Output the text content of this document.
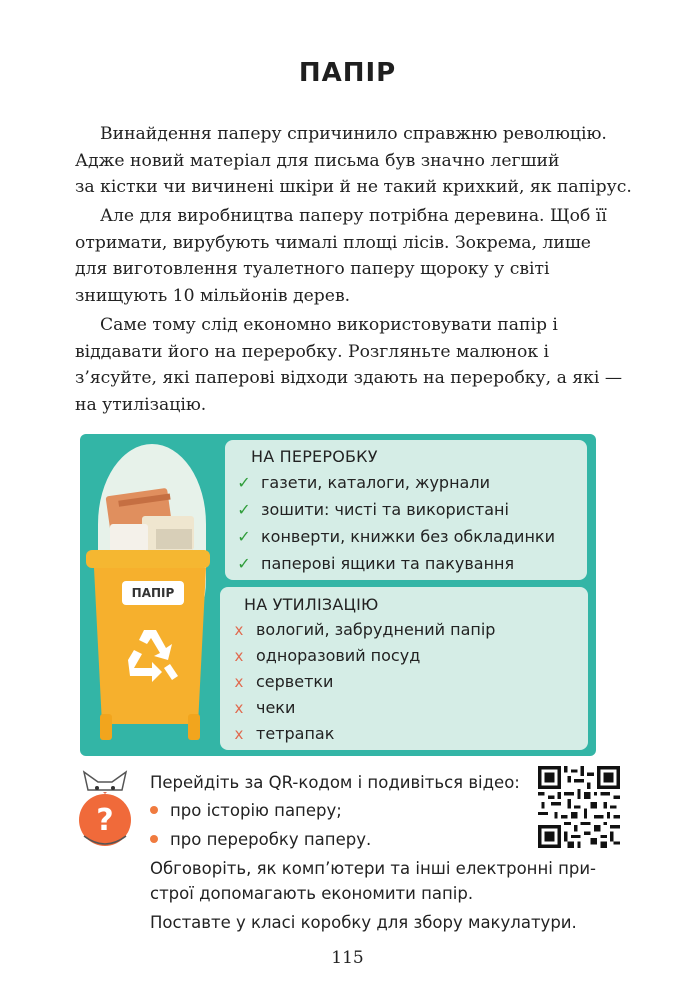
ПАПІР
Винайдення паперу спричинило справжню революцію.
Адже новий матеріал для письма був значно легший
за кістки чи вичинені шкіри й не такий крихкий, як папірус.
Але для виробництва паперу потрібна деревина. Щоб її
отримати, вирубують чималі площі лісів. Зокрема, лише
для виготовлення туалетного паперу щороку у світі
знищують 10 мільйонів дерев.
Саме тому слід економно використовувати папір і
віддавати його на переробку. Розгляньте малюнок і
з’ясуйте, які паперові відходи здають на переробку, а які —
на утилізацію.
ПАПІР
НА ПЕРЕРОБКУ
✓ газети, каталоги, журнали
✓ зошити: чисті та використані
✓ конверти, книжки без обкладинки
✓ паперові ящики та пакування
НА УТИЛІЗАЦІЮ
х вологий, забруднений папір
х одноразовий посуд
х серветки
х чеки
х тетрапак
?
Перейдіть за QR-кодом і подивіться відео:
про історію паперу;
про переробку паперу.
Обговоріть, як комп’ютери та інші електронні при-
строї допомагають економити папір.
Поставте у класі коробку для збору макулатури.
115
